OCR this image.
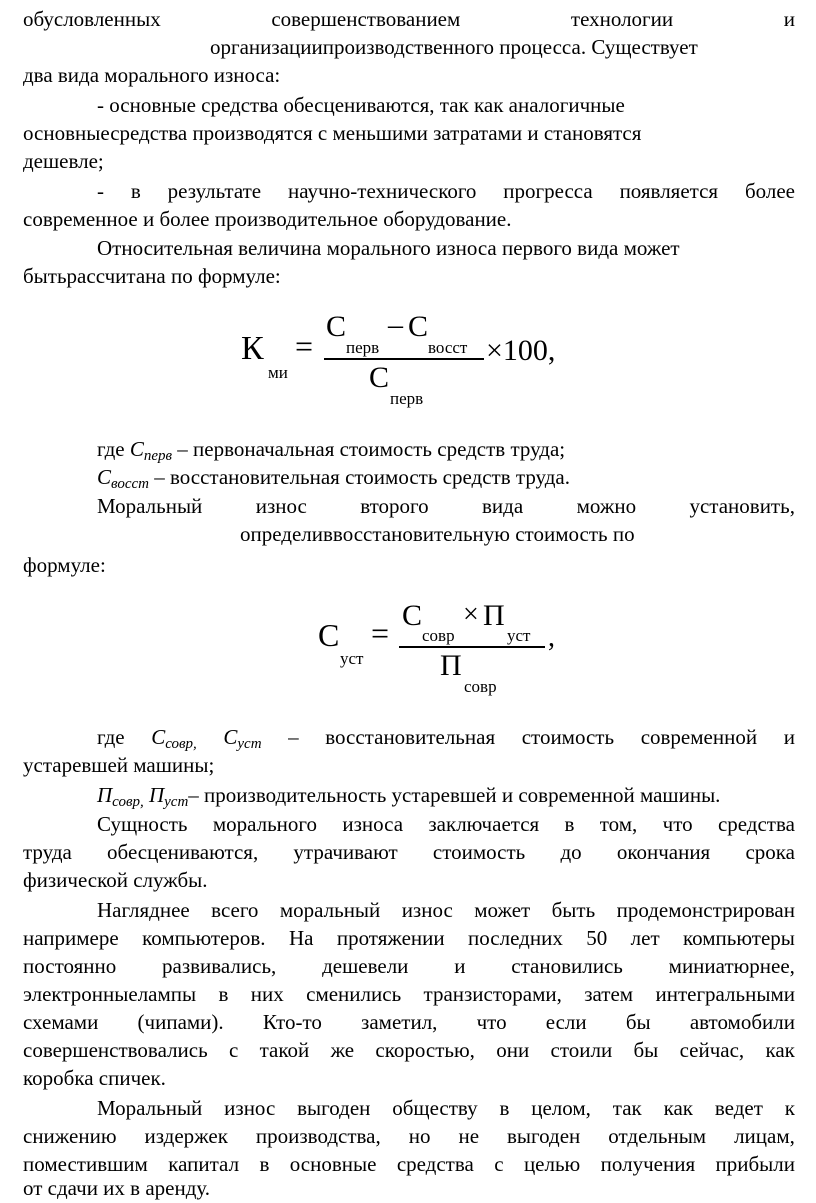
обусловленных	совершенствованием	технологии	и
организациипроизводственного процесса. Существует
два вида морального износа:
- основные средства обесцениваются, так как аналогичные
основныесредства производятся с меньшими затратами и становятся
дешевле;
- в результате научно-технического прогресса появляется более
современное и более производительное оборудование.
Относительная величина морального износа первого вида может
бытьрассчитана по формуле:
К
ми
=
С
перв
– С
восст
С
перв
×100,
где $С_{перв}$ – первоначальная стоимость средств труда;
$С_{восст}$ – восстановительная стоимость средств труда.
Моральный	износ	второго	вида	можно	установить,
определиввосстановительную стоимость по
формуле:
С
уст
= С
совр
× П
уст
П
совр
,
где $С_{совр,}$ $С_{уст}$ – восстановительная стоимость современной и
устаревшей машины;
$П_{совр,}$ $П_{уст}-$ производительность устаревшей и современной машины.
Сущность морального износа заключается в том, что средства
труда обесцениваются, утрачивают стоимость до окончания срока
физической службы.
Нагляднее всего моральный износ может быть продемонстрирован
напримере компьютеров. На протяжении последних 50 лет компьютеры
постоянно развивались, дешевели и становились миниатюрнее,
электронныелампы в них сменились транзисторами, затем интегральными
схемами (чипами). Кто-то заметил, что если бы автомобили
совершенствовались с такой же скоростью, они стоили бы сейчас, как
коробка спичек.
Моральный износ выгоден обществу в целом, так как ведет к
снижению издержек производства, но не выгоден отдельным лицам,
поместившим капитал в основные средства с целью получения прибыли
от сдачи их в аренду.
